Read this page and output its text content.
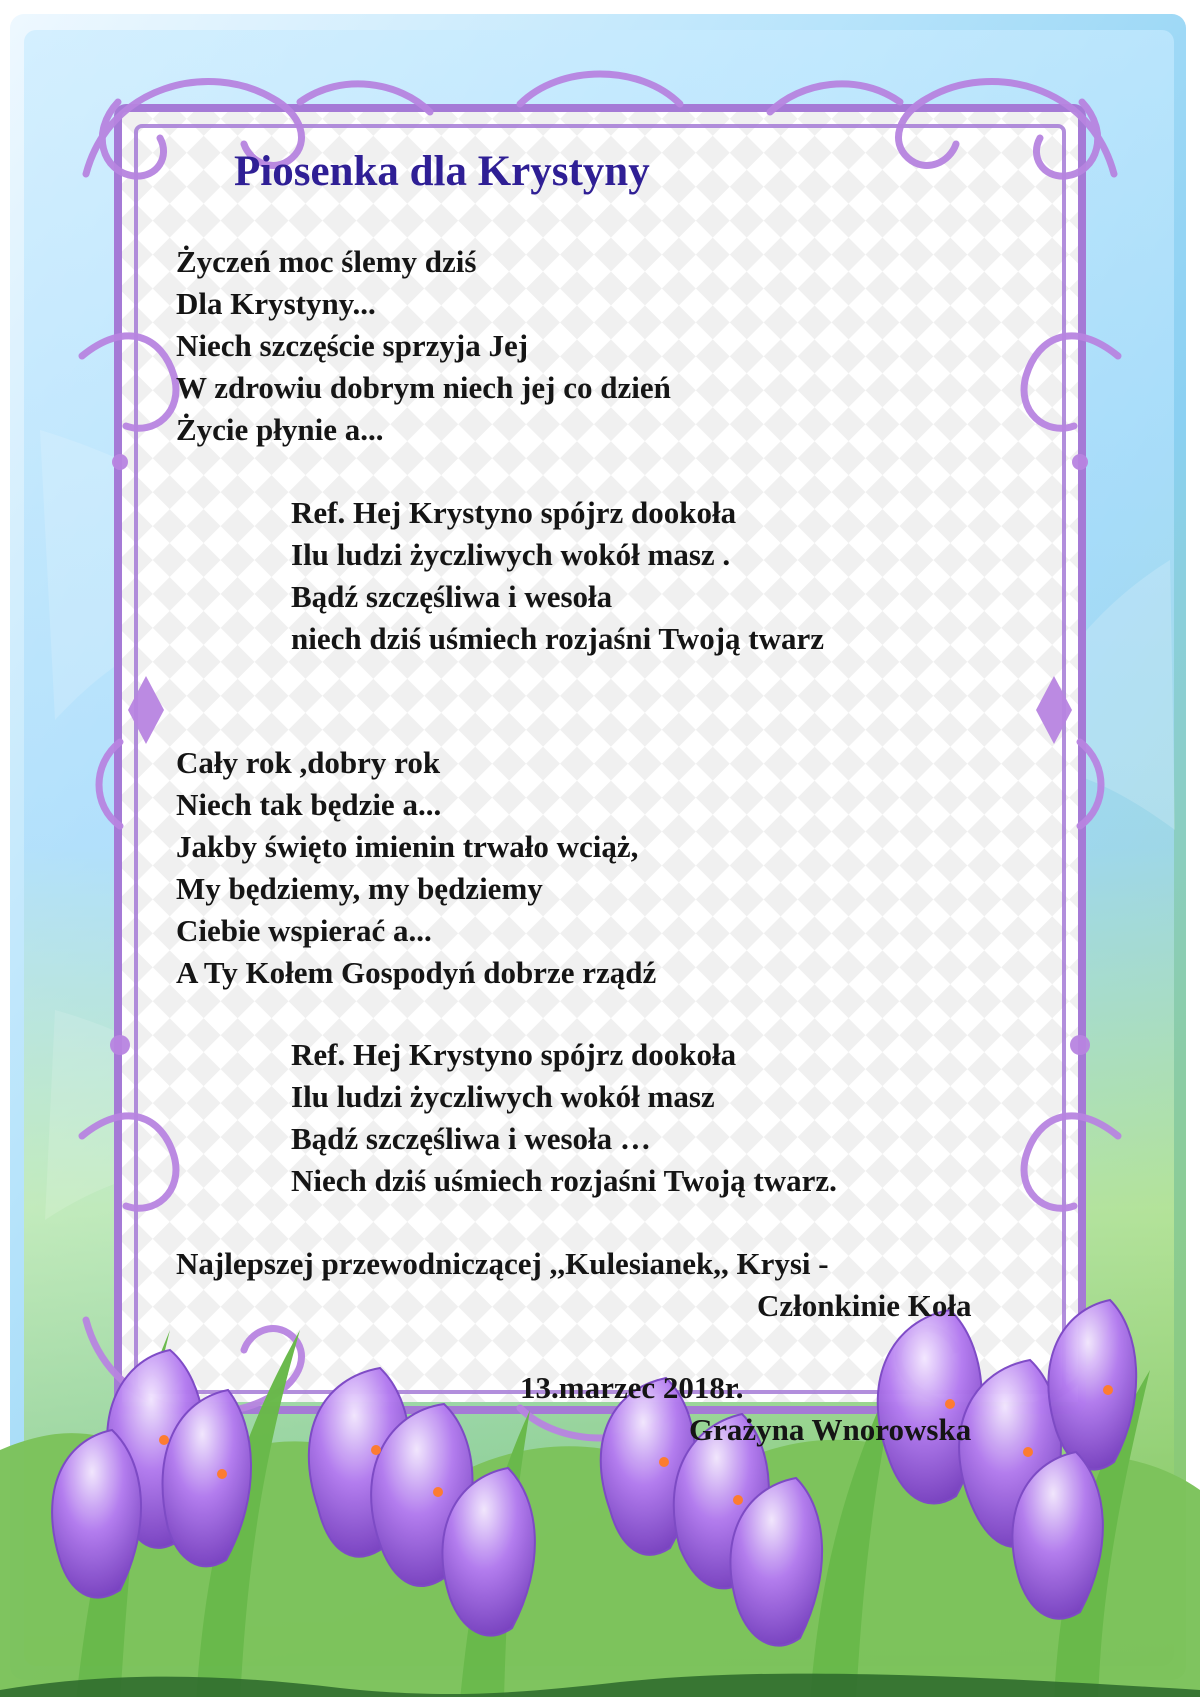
Piosenka dla Krystyny

Życzeń moc ślemy dziś

Dla Krystyny...

Niech szczęście sprzyja Jej

W zdrowiu dobrym niech jej co dzień

Życie płynie a...

Ref. Hej Krystyno spójrz dookoła

Ilu ludzi życzliwych wokół masz .

Bądź szczęśliwa i wesoła

niech dziś uśmiech rozjaśni Twoją twarz

Cały rok ,dobry rok

Niech tak będzie a...

Jakby święto imienin trwało wciąż,

My będziemy, my będziemy

Ciebie wspierać a...

A Ty Kołem Gospodyń dobrze rządź

Ref. Hej Krystyno spójrz dookoła

Ilu ludzi życzliwych wokół masz

Bądź szczęśliwa i wesoła …

Niech dziś uśmiech rozjaśni Twoją twarz.

Najlepszej przewodniczącej ,,Kulesianek,, Krysi -

Członkinie Koła

13.marzec 2018r.

Grażyna Wnorowska
